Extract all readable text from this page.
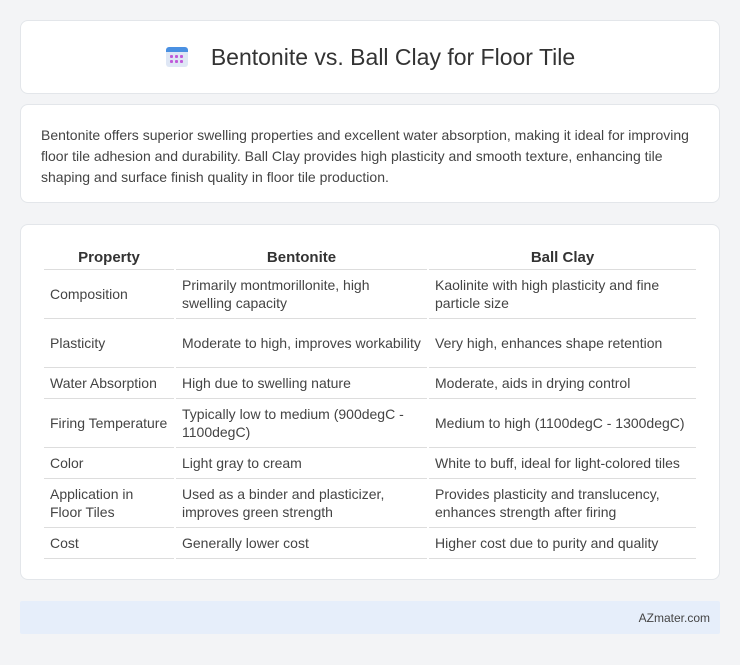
Bentonite vs. Ball Clay for Floor Tile

Bentonite offers superior swelling properties and excellent water absorption, making it ideal for improving floor tile adhesion and durability. Ball Clay provides high plasticity and smooth texture, enhancing tile shaping and surface finish quality in floor tile production.

Property	Bentonite	Ball Clay
Composition	Primarily montmorillonite, high swelling capacity	Kaolinite with high plasticity and fine particle size
Plasticity	Moderate to high, improves workability	Very high, enhances shape retention
Water Absorption	High due to swelling nature	Moderate, aids in drying control
Firing Temperature	Typically low to medium (900degC - 1100degC)	Medium to high (1100degC - 1300degC)
Color	Light gray to cream	White to buff, ideal for light-colored tiles
Application in Floor Tiles	Used as a binder and plasticizer, improves green strength	Provides plasticity and translucency, enhances strength after firing
Cost	Generally lower cost	Higher cost due to purity and quality
AZmater.com
